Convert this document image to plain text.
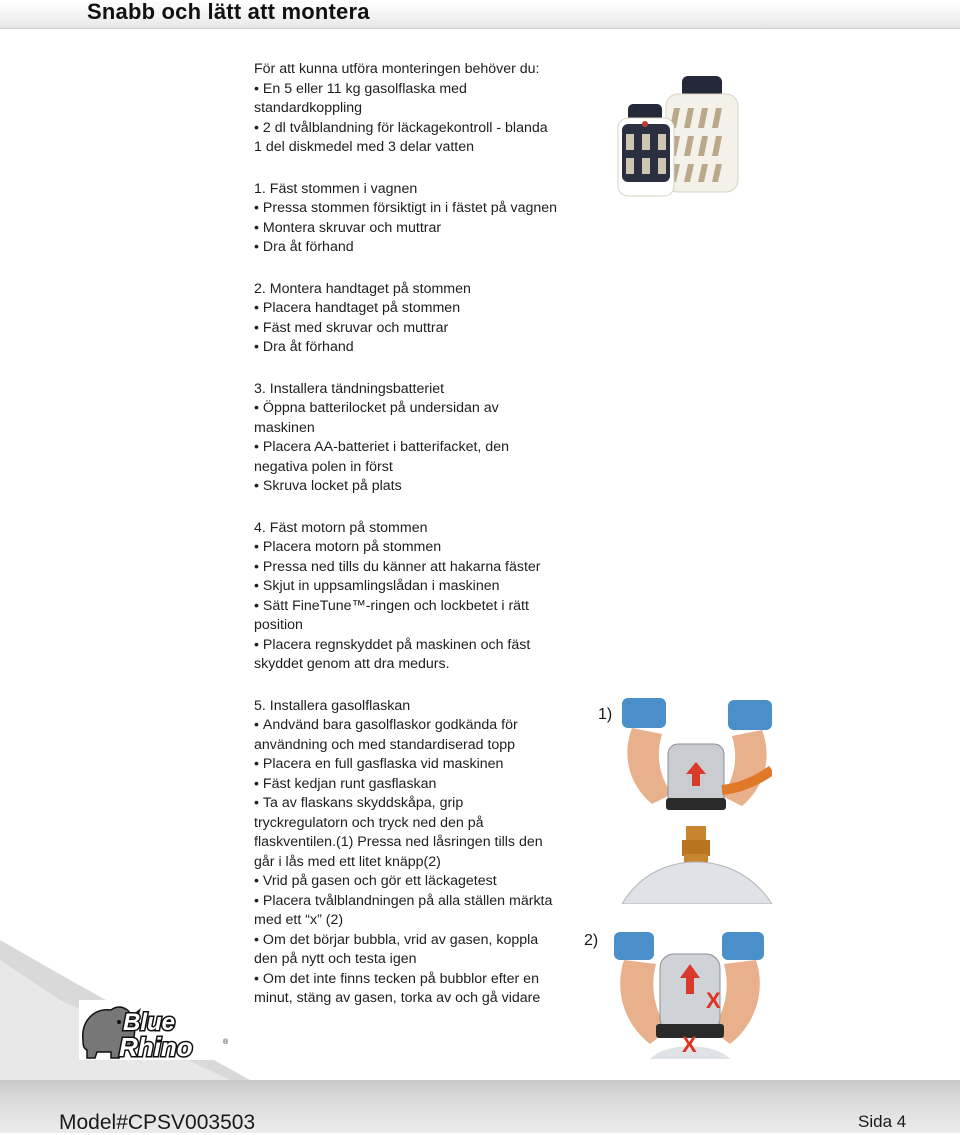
Snabb och lätt att montera

För att kunna utföra monteringen behöver du:

• En 5 eller 11 kg gasolflaska med standardkoppling

• 2 dl tvålblandning för läckagekontroll - blanda 1 del diskmedel med 3 delar vatten

1. Fäst stommen i vagnen

• Pressa stommen försiktigt in i fästet på vagnen

• Montera skruvar och muttrar

• Dra åt förhand

2. Montera handtaget på stommen

• Placera handtaget på stommen

• Fäst med skruvar och muttrar

• Dra åt förhand

3. Installera tändningsbatteriet

• Öppna batterilocket på undersidan av maskinen

• Placera AA-batteriet i batterifacket, den negativa polen in först

• Skruva locket på plats

4. Fäst motorn på stommen

• Placera motorn på stommen

• Pressa ned tills du känner att hakarna fäster

• Skjut in uppsamlingslådan i maskinen

• Sätt FineTune™-ringen och lockbetet i rätt position

• Placera regnskyddet på maskinen och fäst skyddet genom att dra medurs.

5. Installera gasolflaskan

• Andvänd bara gasolflaskor godkända för användning och med standardiserad topp

• Placera en full gasflaska vid maskinen

• Fäst kedjan runt gasflaskan

• Ta av flaskans skyddskåpa, grip tryckregulatorn och tryck ned den på flaskventilen.(1) Pressa ned låsringen tills den går i lås med ett litet knäpp(2)

• Vrid på gasen och gör ett läckagetest

• Placera tvålblandningen på alla ställen märkta med ett “x” (2)

• Om det börjar bubbla, vrid av gasen, koppla den på nytt och testa igen

• Om det inte finns tecken på bubblor efter en minut, stäng av gasen, torka av och gå vidare

1)
2)
X
X
Blue
Rhino	®
Model#CPSV003503	Sida 4
